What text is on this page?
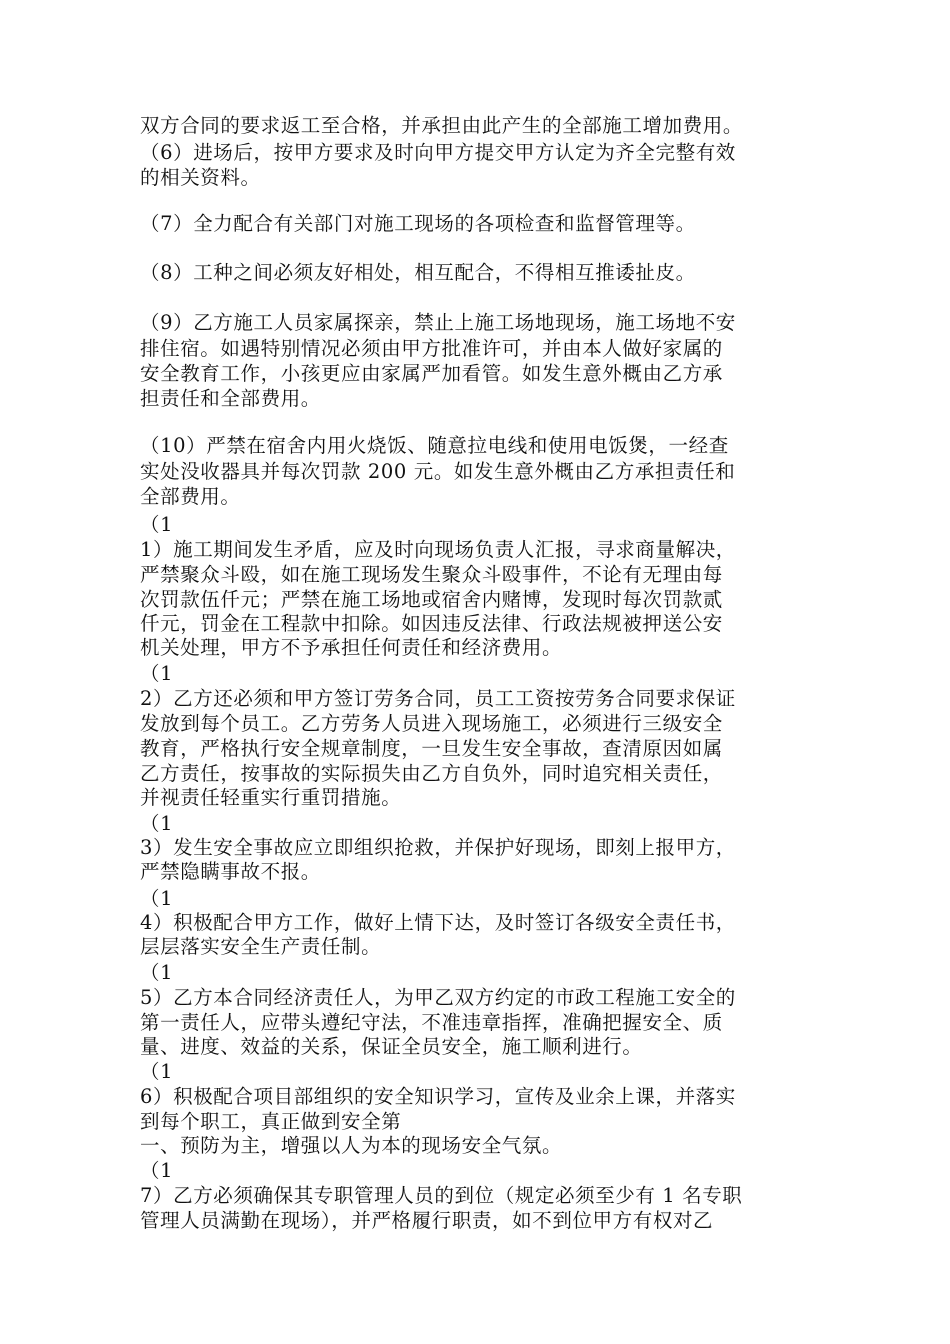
双方合同的要求返工至合格，并承担由此产生的全部施工增加费用。
（6）进场后，按甲方要求及时向甲方提交甲方认定为齐全完整有效
的相关资料。
（7）全力配合有关部门对施工现场的各项检查和监督管理等。
（8）工种之间必须友好相处，相互配合，不得相互推诿扯皮。
（9）乙方施工人员家属探亲，禁止上施工场地现场，施工场地不安
排住宿。如遇特别情况必须由甲方批准许可，并由本人做好家属的
安全教育工作，小孩更应由家属严加看管。如发生意外概由乙方承
担责任和全部费用。
（10）严禁在宿舍内用火烧饭、随意拉电线和使用电饭煲，一经查
实处没收器具并每次罚款 200 元。如发生意外概由乙方承担责任和
全部费用。
（1
1）施工期间发生矛盾，应及时向现场负责人汇报，寻求商量解决，
严禁聚众斗殴，如在施工现场发生聚众斗殴事件，不论有无理由每
次罚款伍仟元；严禁在施工场地或宿舍内赌博，发现时每次罚款贰
仟元，罚金在工程款中扣除。如因违反法律、行政法规被押送公安
机关处理，甲方不予承担任何责任和经济费用。
（1
2）乙方还必须和甲方签订劳务合同，员工工资按劳务合同要求保证
发放到每个员工。乙方劳务人员进入现场施工，必须进行三级安全
教育，严格执行安全规章制度，一旦发生安全事故，查清原因如属
乙方责任，按事故的实际损失由乙方自负外，同时追究相关责任，
并视责任轻重实行重罚措施。
（1
3）发生安全事故应立即组织抢救，并保护好现场，即刻上报甲方，
严禁隐瞒事故不报。
（1
4）积极配合甲方工作，做好上情下达，及时签订各级安全责任书，
层层落实安全生产责任制。
（1
5）乙方本合同经济责任人，为甲乙双方约定的市政工程施工安全的
第一责任人，应带头遵纪守法，不准违章指挥，准确把握安全、质
量、进度、效益的关系，保证全员安全，施工顺利进行。
（1
6）积极配合项目部组织的安全知识学习，宣传及业余上课，并落实
到每个职工，真正做到安全第
一、预防为主，增强以人为本的现场安全气氛。
（1
7）乙方必须确保其专职管理人员的到位（规定必须至少有 1 名专职
管理人员满勤在现场），并严格履行职责，如不到位甲方有权对乙
